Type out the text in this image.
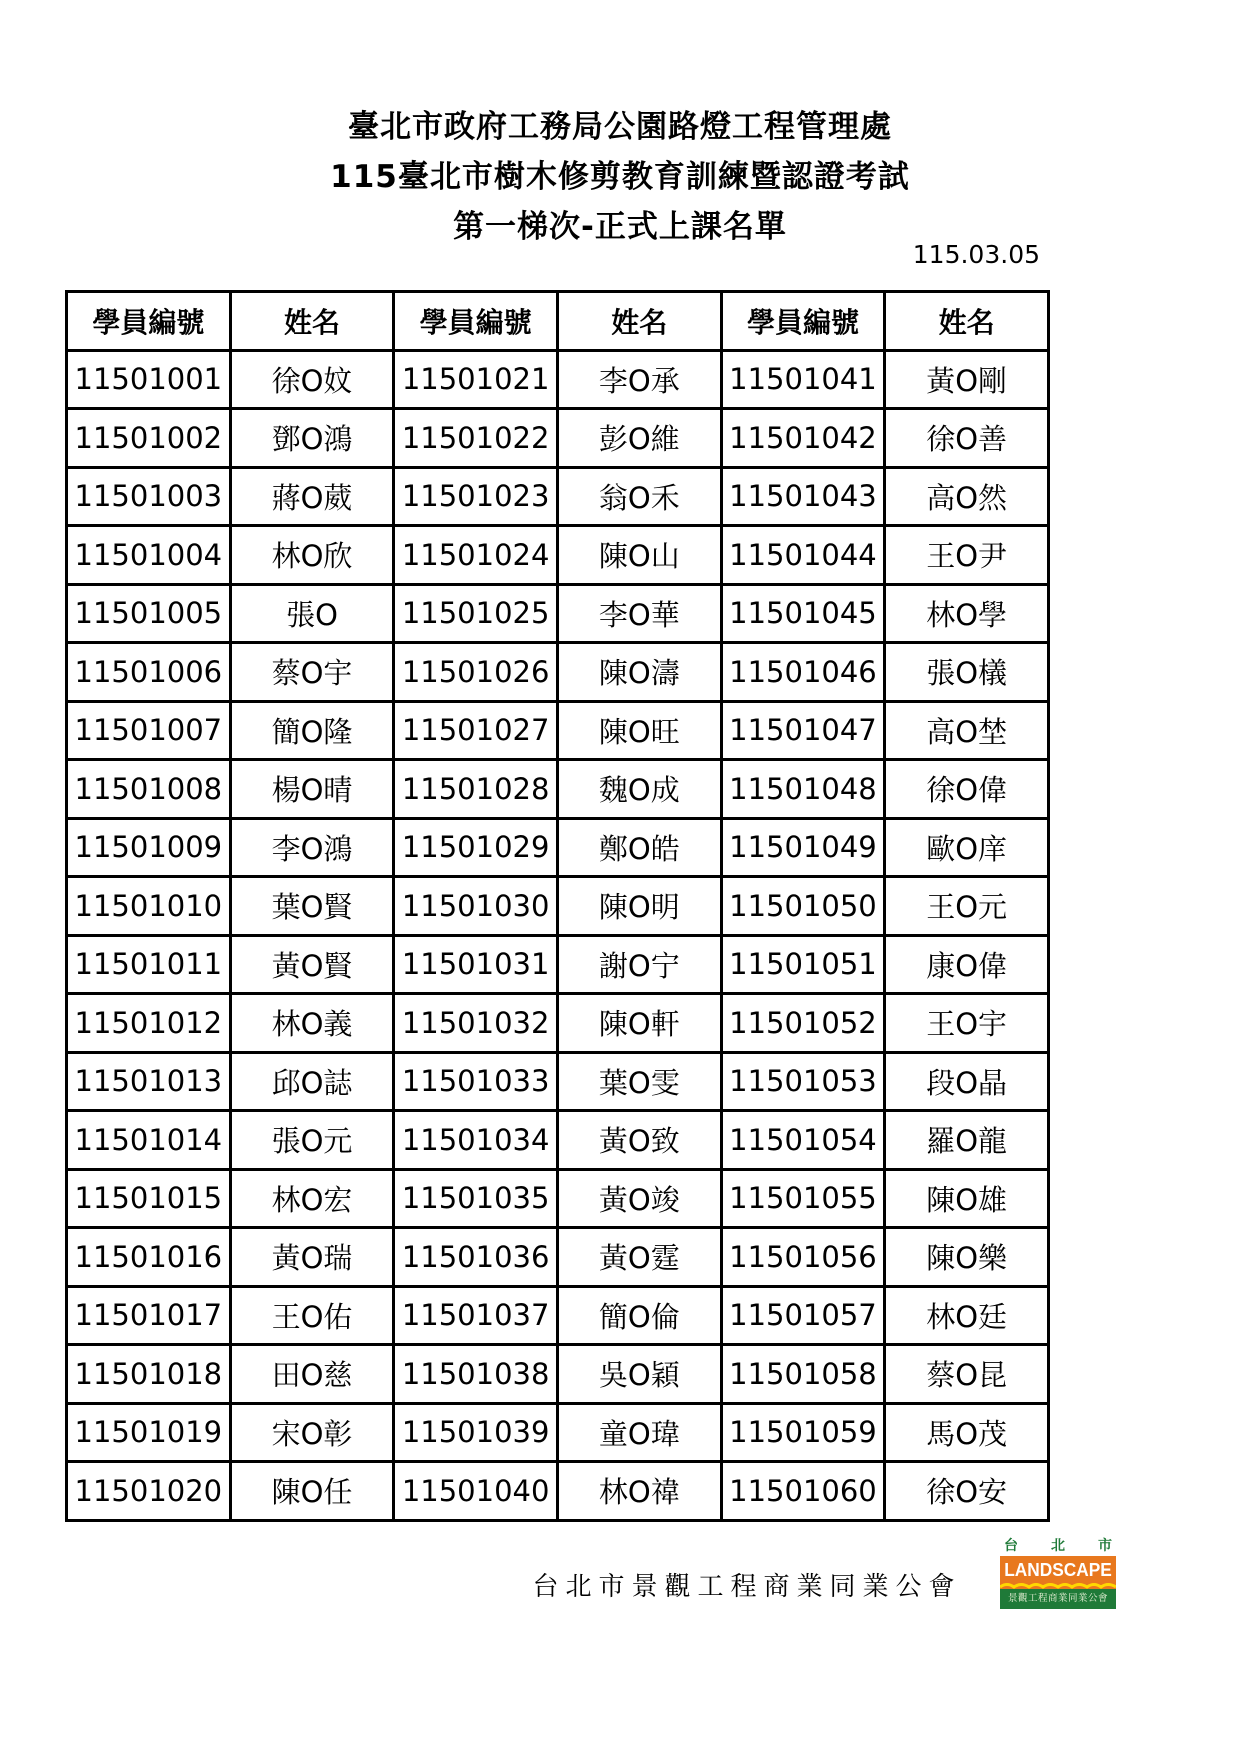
臺北市政府工務局公園路燈工程管理處
115臺北市樹木修剪教育訓練暨認證考試
第一梯次-正式上課名單
115.03.05
學員編號	姓名	學員編號	姓名	學員編號	姓名
11501001	徐O妏	11501021	李O承	11501041	黃O剛
11501002	鄧O鴻	11501022	彭O維	11501042	徐O善
11501003	蔣O葳	11501023	翁O禾	11501043	高O然
11501004	林O欣	11501024	陳O山	11501044	王O尹
11501005	張O	11501025	李O華	11501045	林O學
11501006	蔡O宇	11501026	陳O濤	11501046	張O檥
11501007	簡O隆	11501027	陳O旺	11501047	高O埜
11501008	楊O晴	11501028	魏O成	11501048	徐O偉
11501009	李O鴻	11501029	鄭O皓	11501049	歐O庠
11501010	葉O賢	11501030	陳O明	11501050	王O元
11501011	黃O賢	11501031	謝O宁	11501051	康O偉
11501012	林O義	11501032	陳O軒	11501052	王O宇
11501013	邱O誌	11501033	葉O雯	11501053	段O晶
11501014	張O元	11501034	黃O致	11501054	羅O龍
11501015	林O宏	11501035	黃O竣	11501055	陳O雄
11501016	黃O瑞	11501036	黃O霆	11501056	陳O樂
11501017	王O佑	11501037	簡O倫	11501057	林O廷
11501018	田O慈	11501038	吳O穎	11501058	蔡O昆
11501019	宋O彰	11501039	童O瑋	11501059	馬O茂
11501020	陳O任	11501040	林O禕	11501060	徐O安
台北市景觀工程商業同業公會
台 北 市
LANDSCAPE
景觀工程商業同業公會
